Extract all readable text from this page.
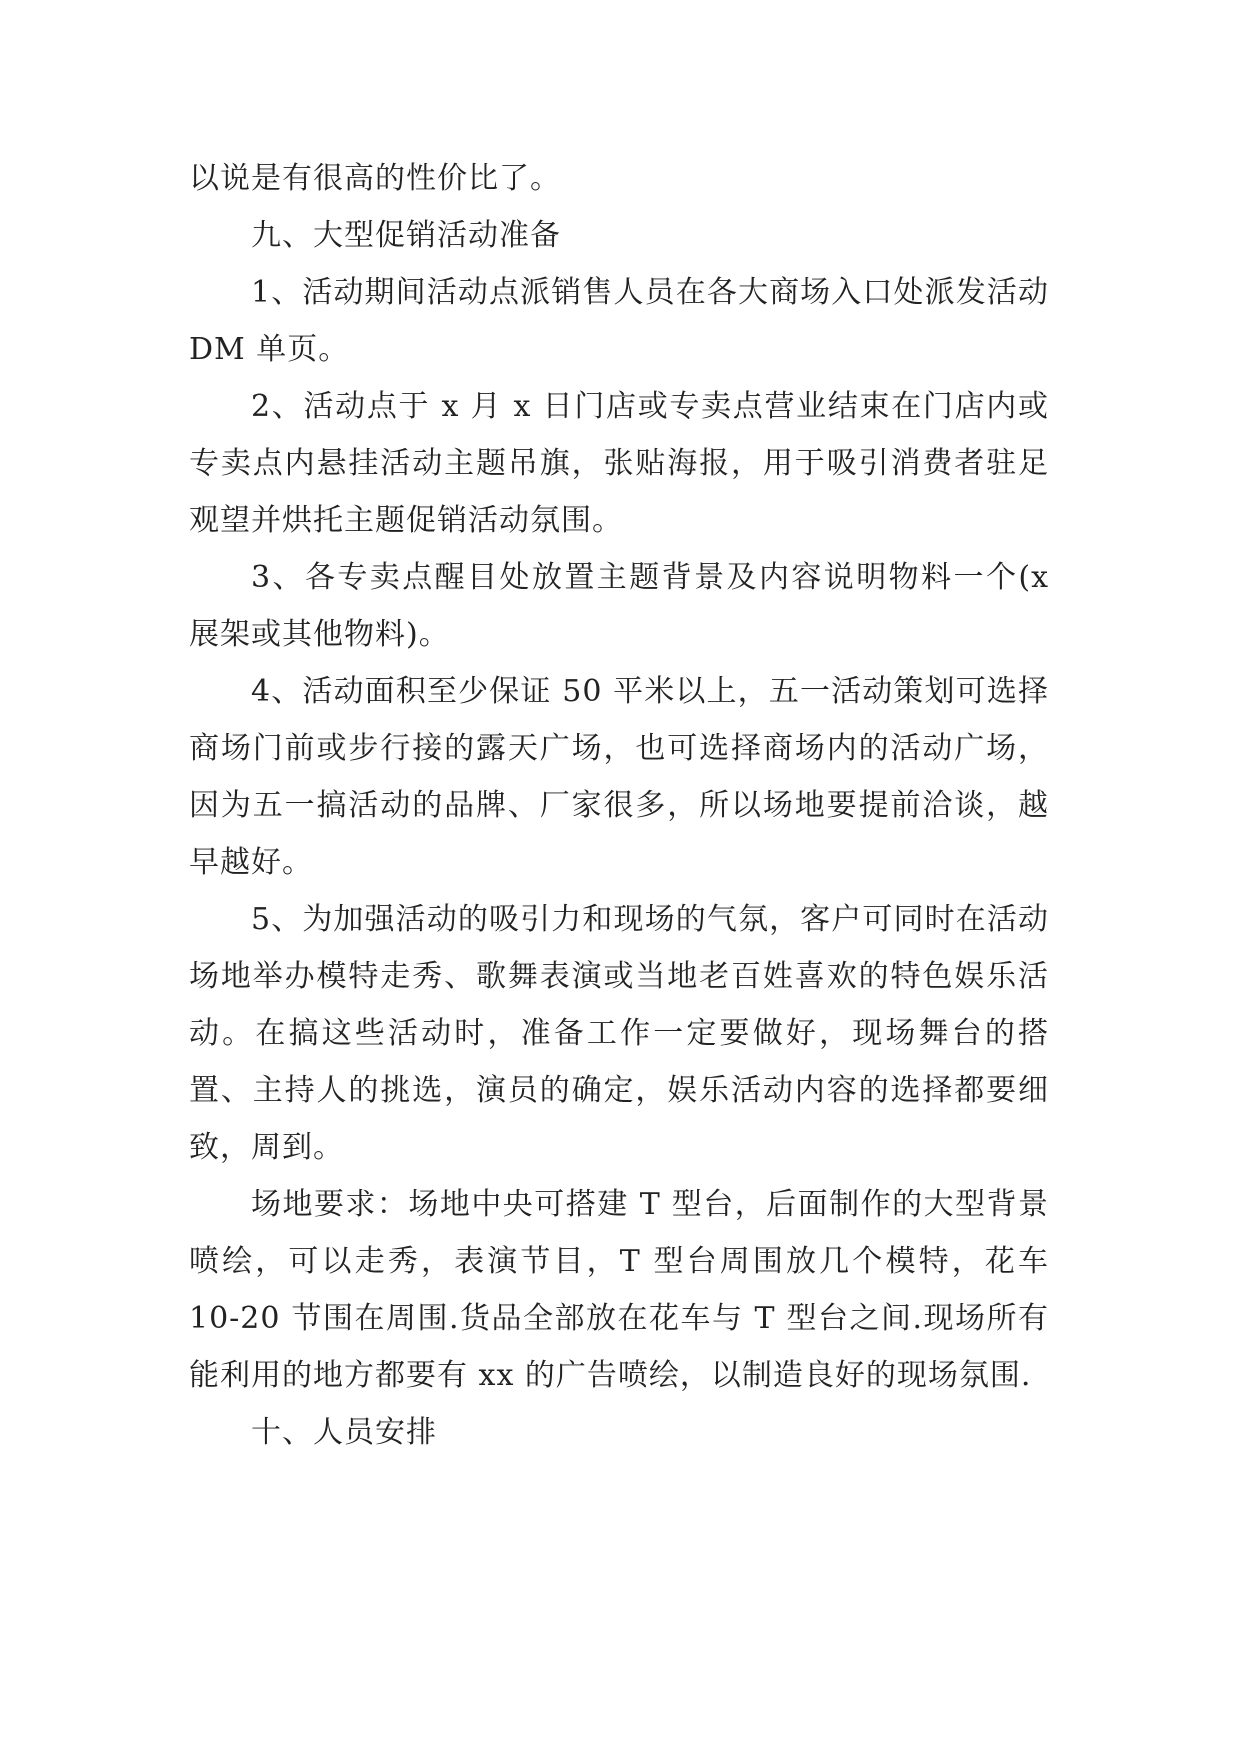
以说是有很高的性价比了。

九、大型促销活动准备

1、活动期间活动点派销售人员在各大商场入口处派发活动 DM 单页。

2、活动点于 x 月 x 日门店或专卖点营业结束在门店内或专卖点内悬挂活动主题吊旗，张贴海报，用于吸引消费者驻足观望并烘托主题促销活动氛围。

3、各专卖点醒目处放置主题背景及内容说明物料一个(x 展架或其他物料)。

4、活动面积至少保证 50 平米以上，五一活动策划可选择商场门前或步行接的露天广场，也可选择商场内的活动广场，因为五一搞活动的品牌、厂家很多，所以场地要提前洽谈，越早越好。

5、为加强活动的吸引力和现场的气氛，客户可同时在活动场地举办模特走秀、歌舞表演或当地老百姓喜欢的特色娱乐活动。在搞这些活动时，准备工作一定要做好，现场舞台的搭置、主持人的挑选，演员的确定，娱乐活动内容的选择都要细致，周到。

场地要求：场地中央可搭建 T 型台，后面制作的大型背景喷绘，可以走秀，表演节目，T 型台周围放几个模特，花车 10-20 节围在周围.货品全部放在花车与 T 型台之间.现场所有能利用的地方都要有 xx 的广告喷绘，以制造良好的现场氛围.

十、人员安排
